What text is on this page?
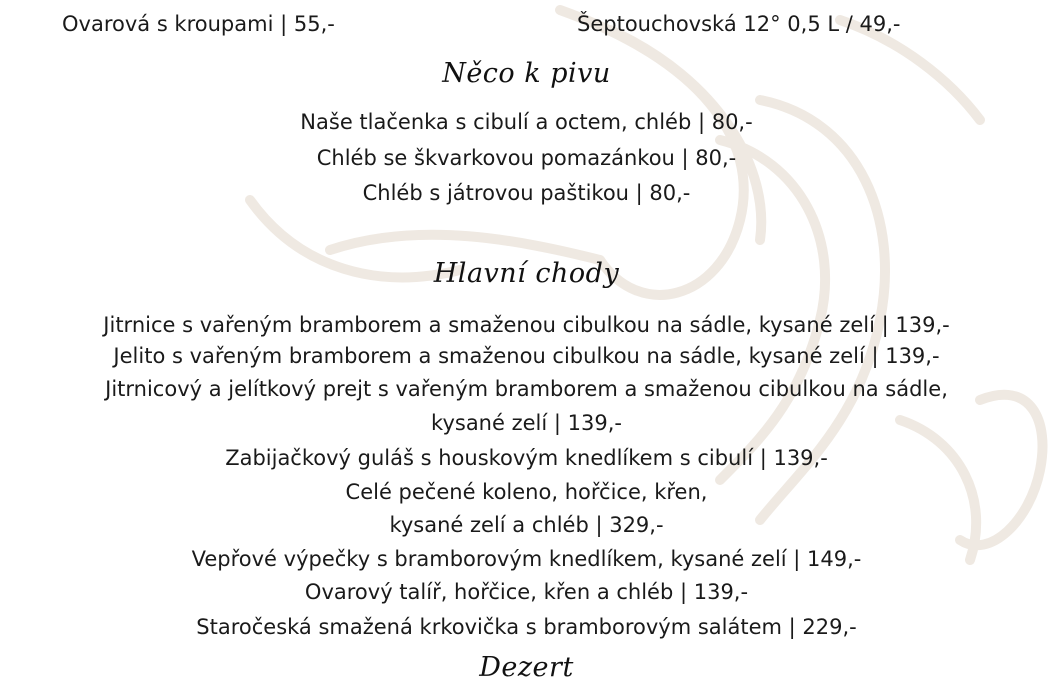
Ovarová s kroupami | 55,-	Šeptouchovská 12° 0,5 L / 49,-
Něco k pivu
Naše tlačenka s cibulí a octem, chléb | 80,-
Chléb se škvarkovou pomazánkou | 80,-
Chléb s játrovou paštikou | 80,-
Hlavní chody
Jitrnice s vařeným bramborem a smaženou cibulkou na sádle, kysané zelí | 139,-
Jelito s vařeným bramborem a smaženou cibulkou na sádle, kysané zelí | 139,-
Jitrnicový a jelítkový prejt s vařeným bramborem a smaženou cibulkou na sádle,
kysané zelí | 139,-
Zabijačkový guláš s houskovým knedlíkem s cibulí | 139,-
Celé pečené koleno, hořčice, křen,
kysané zelí a chléb | 329,-
Vepřové výpečky s bramborovým knedlíkem, kysané zelí | 149,-
Ovarový talíř, hořčice, křen a chléb | 139,-
Staročeská smažená krkovička s bramborovým salátem | 229,-
Dezert
